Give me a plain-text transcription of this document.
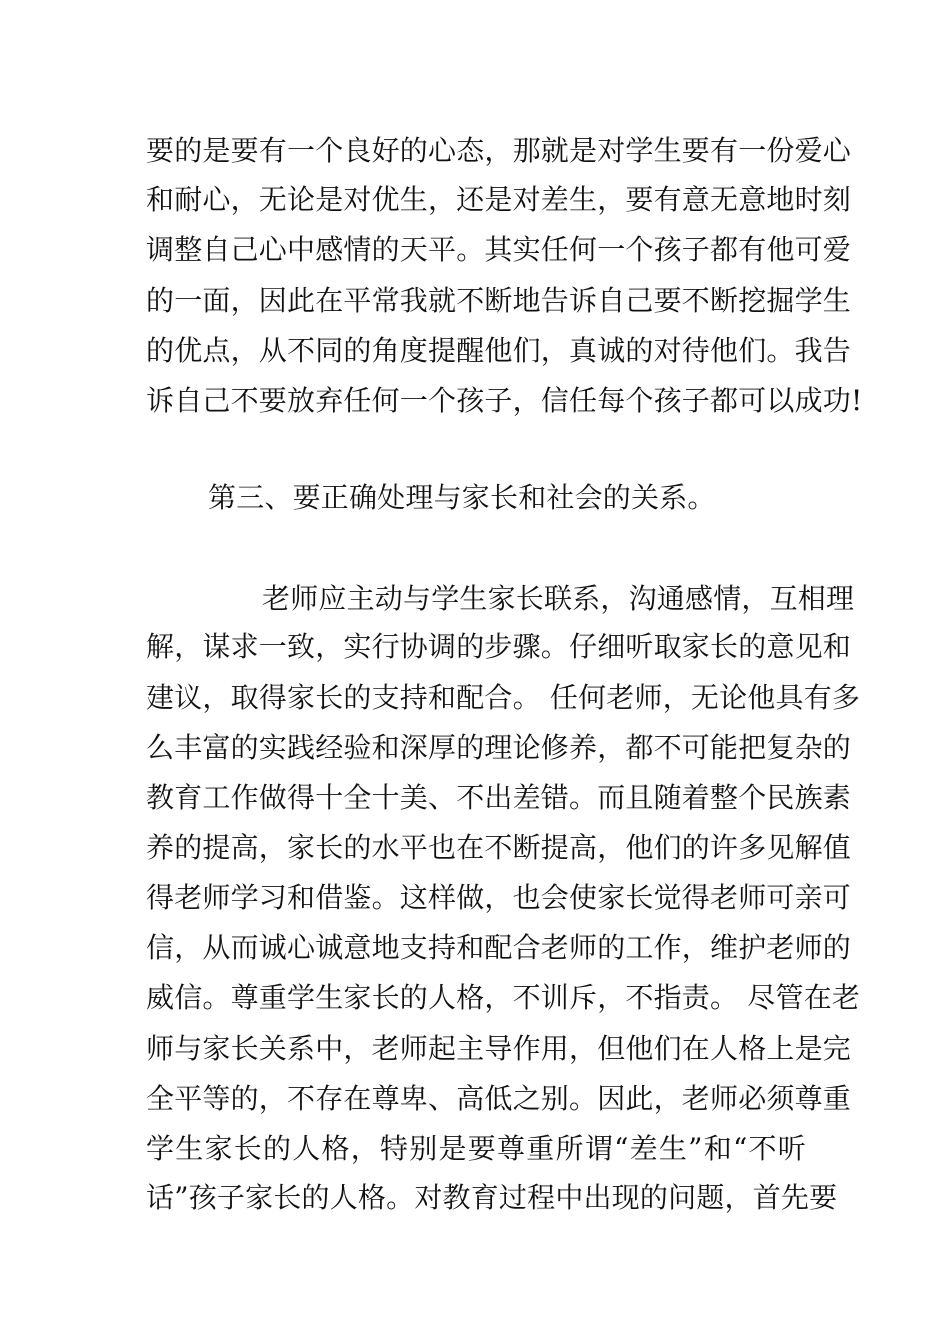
要的是要有一个良好的心态，那就是对学生要有一份爱心
和耐心，无论是对优生，还是对差生，要有意无意地时刻
调整自己心中感情的天平。其实任何一个孩子都有他可爱
的一面，因此在平常我就不断地告诉自己要不断挖掘学生
的优点，从不同的角度提醒他们，真诚的对待他们。我告
诉自己不要放弃任何一个孩子，信任每个孩子都可以成功!
第三、要正确处理与家长和社会的关系。
老师应主动与学生家长联系，沟通感情，互相理
解，谋求一致，实行协调的步骤。仔细听取家长的意见和
建议，取得家长的支持和配合。 任何老师，无论他具有多
么丰富的实践经验和深厚的理论修养，都不可能把复杂的
教育工作做得十全十美、不出差错。而且随着整个民族素
养的提高，家长的水平也在不断提高，他们的许多见解值
得老师学习和借鉴。这样做，也会使家长觉得老师可亲可
信，从而诚心诚意地支持和配合老师的工作，维护老师的
威信。尊重学生家长的人格，不训斥，不指责。 尽管在老
师与家长关系中，老师起主导作用，但他们在人格上是完
全平等的，不存在尊卑、高低之别。因此，老师必须尊重
学生家长的人格，特别是要尊重所谓“差生”和“不听
话”孩子家长的人格。对教育过程中出现的问题，首先要
